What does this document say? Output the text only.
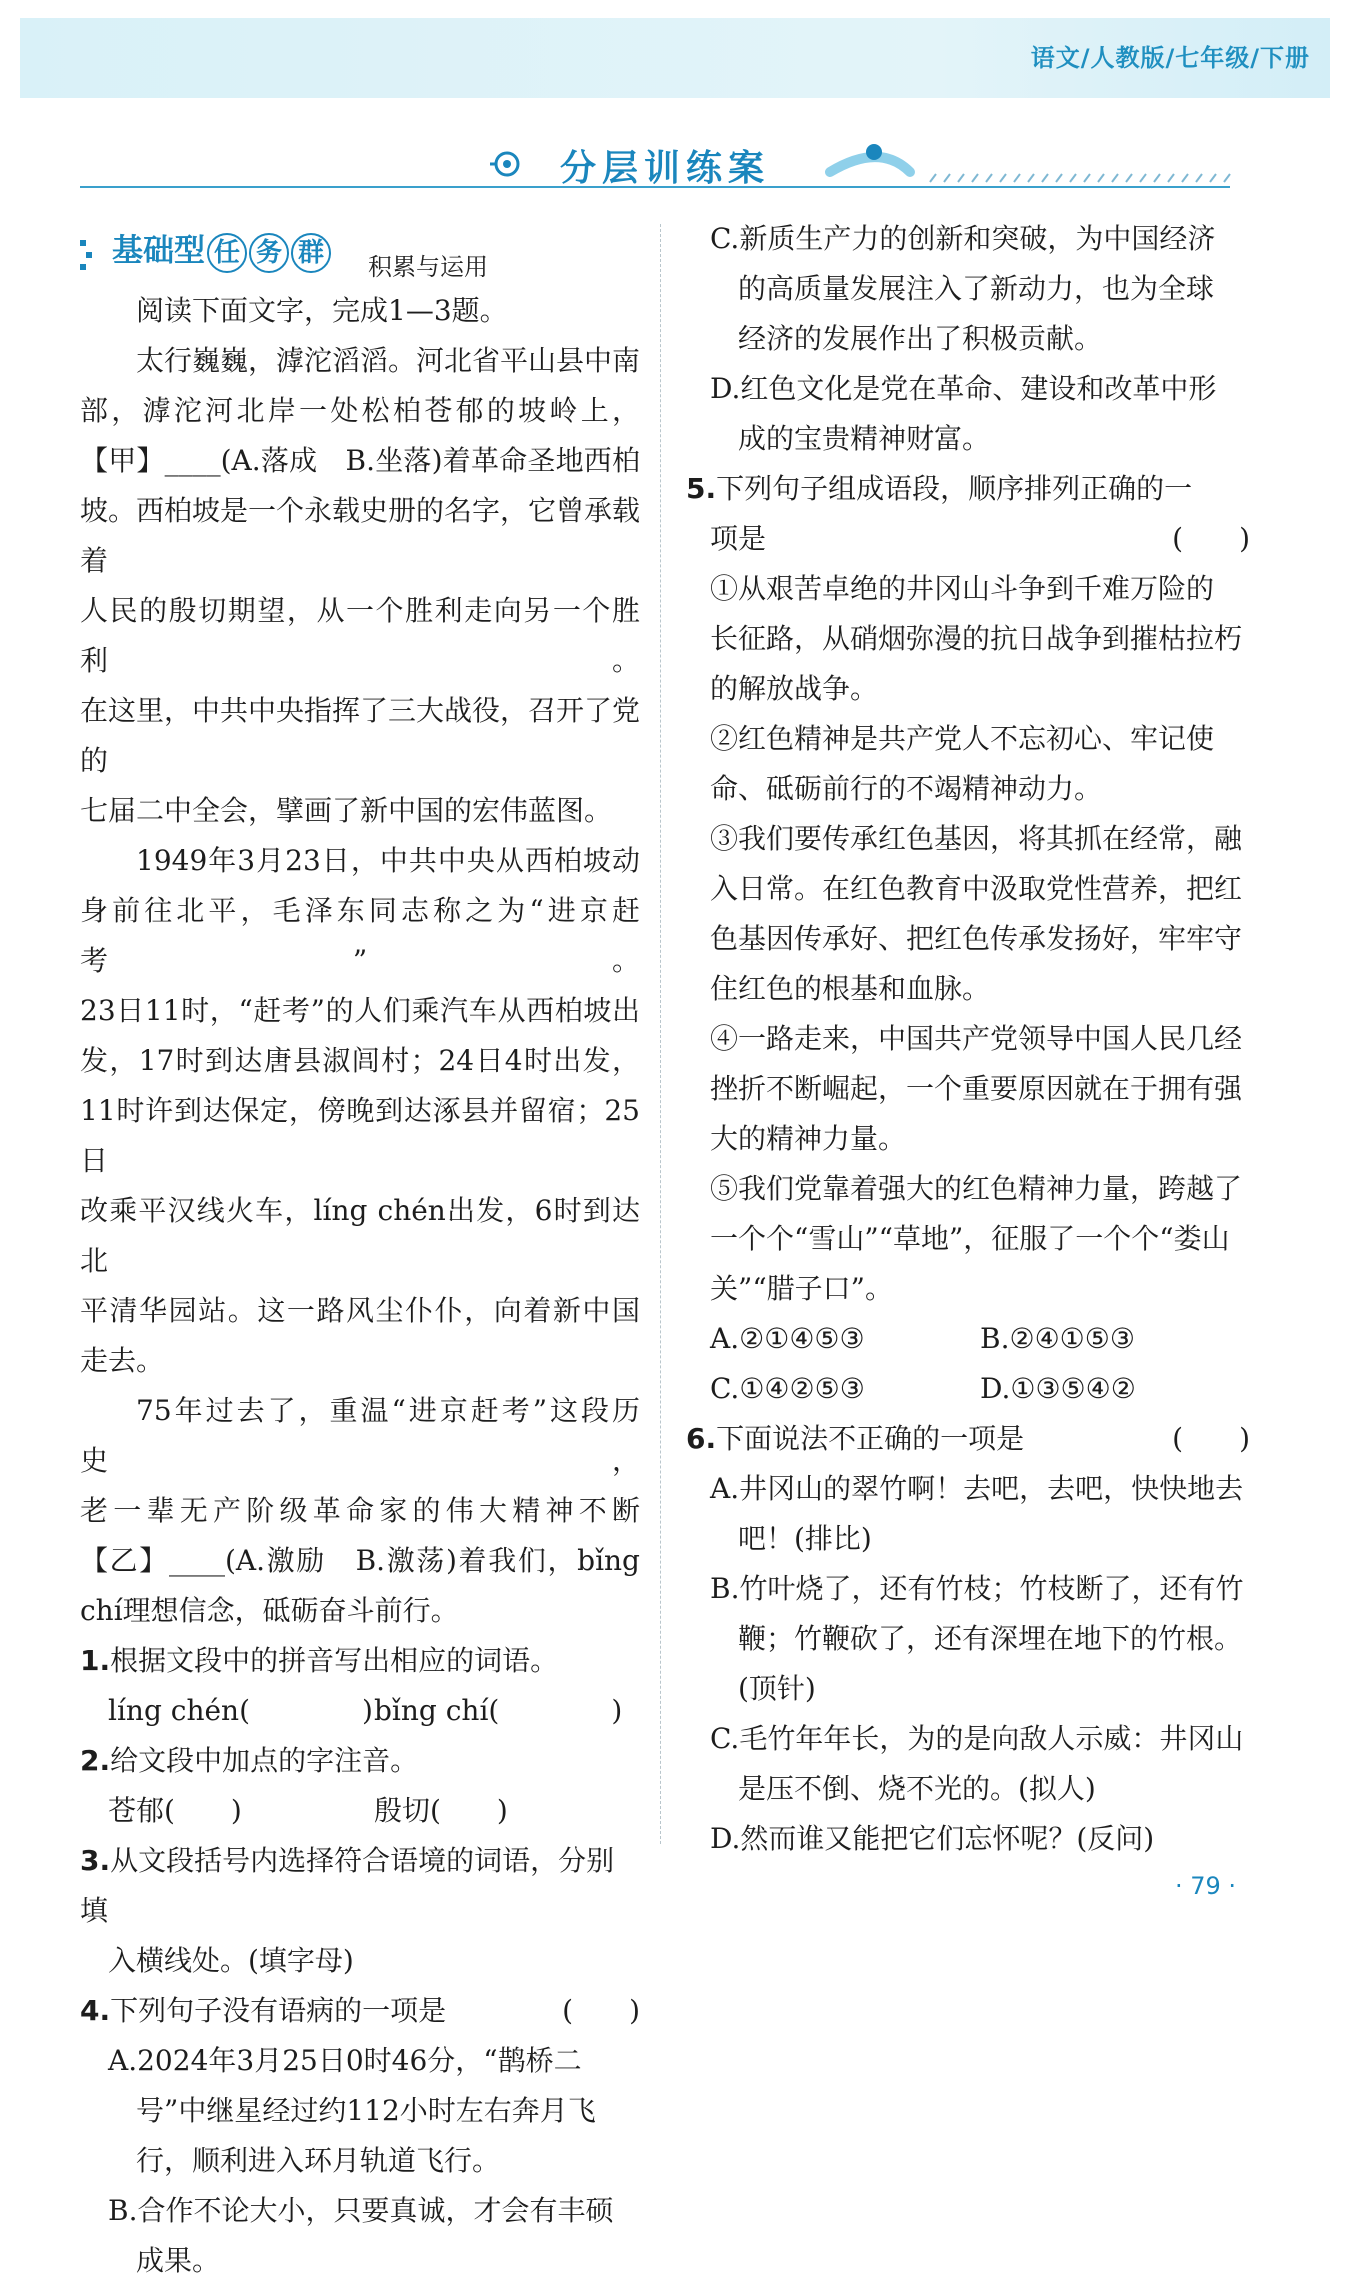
语文/人教版/七年级/下册
分层训练案
基础型 任 务 群 积累与运用

阅读下面文字，完成1—3题。

太行巍巍，滹沱滔滔。河北省平山县中南
部，滹沱河北岸一处松柏苍郁的坡岭上，
【甲】____(A.落成　B.坐落)着革命圣地西柏
坡。西柏坡是一个永载史册的名字，它曾承载着
人民的殷切期望，从一个胜利走向另一个胜利。
在这里，中共中央指挥了三大战役，召开了党的
七届二中全会，擘画了新中国的宏伟蓝图。
1949年3月23日，中共中央从西柏坡动
身前往北平，毛泽东同志称之为“进京赶考”。
23日11时，“赶考”的人们乘汽车从西柏坡出
发，17时到达唐县淑闾村；24日4时出发，
11时许到达保定，傍晚到达涿县并留宿；25日
改乘平汉线火车，líng chén出发，6时到达北
平清华园站。这一路风尘仆仆，向着新中国
走去。
75年过去了，重温“进京赶考”这段历史，
老一辈无产阶级革命家的伟大精神不断
【乙】____(A.激励　B.激荡)着我们，bǐng
chí理想信念，砥砺奋斗前行。
1.根据文段中的拼音写出相应的词语。
líng chén(　　　　) bǐng chí(　　　　)
2.给文段中加点的字注音。
苍郁(　　)	殷切(　　)
3.从文段括号内选择符合语境的词语，分别填
入横线处。(填字母)
4.下列句子没有语病的一项是	(　　)
A.2024年3月25日0时46分，“鹊桥二
号”中继星经过约112小时左右奔月飞
行，顺利进入环月轨道飞行。
B.合作不论大小，只要真诚，才会有丰硕
成果。
C.新质生产力的创新和突破，为中国经济
的高质量发展注入了新动力，也为全球
经济的发展作出了积极贡献。
D.红色文化是党在革命、建设和改革中形
成的宝贵精神财富。
5.下列句子组成语段，顺序排列正确的一
项是	(　　)
①从艰苦卓绝的井冈山斗争到千难万险的
长征路，从硝烟弥漫的抗日战争到摧枯拉朽
的解放战争。
②红色精神是共产党人不忘初心、牢记使
命、砥砺前行的不竭精神动力。
③我们要传承红色基因，将其抓在经常，融
入日常。在红色教育中汲取党性营养，把红
色基因传承好、把红色传承发扬好，牢牢守
住红色的根基和血脉。
④一路走来，中国共产党领导中国人民几经
挫折不断崛起，一个重要原因就在于拥有强
大的精神力量。
⑤我们党靠着强大的红色精神力量，跨越了
一个个“雪山”“草地”，征服了一个个“娄山
关”“腊子口”。
A.②①④⑤③	B.②④①⑤③
C.①④②⑤③	D.①③⑤④②
6.下面说法不正确的一项是	(　　)
A.井冈山的翠竹啊！去吧，去吧，快快地去
吧！(排比)
B.竹叶烧了，还有竹枝；竹枝断了，还有竹
鞭；竹鞭砍了，还有深埋在地下的竹根。
(顶针)
C.毛竹年年长，为的是向敌人示威：井冈山
是压不倒、烧不光的。(拟人)
D.然而谁又能把它们忘怀呢？(反问)
· 79 ·
